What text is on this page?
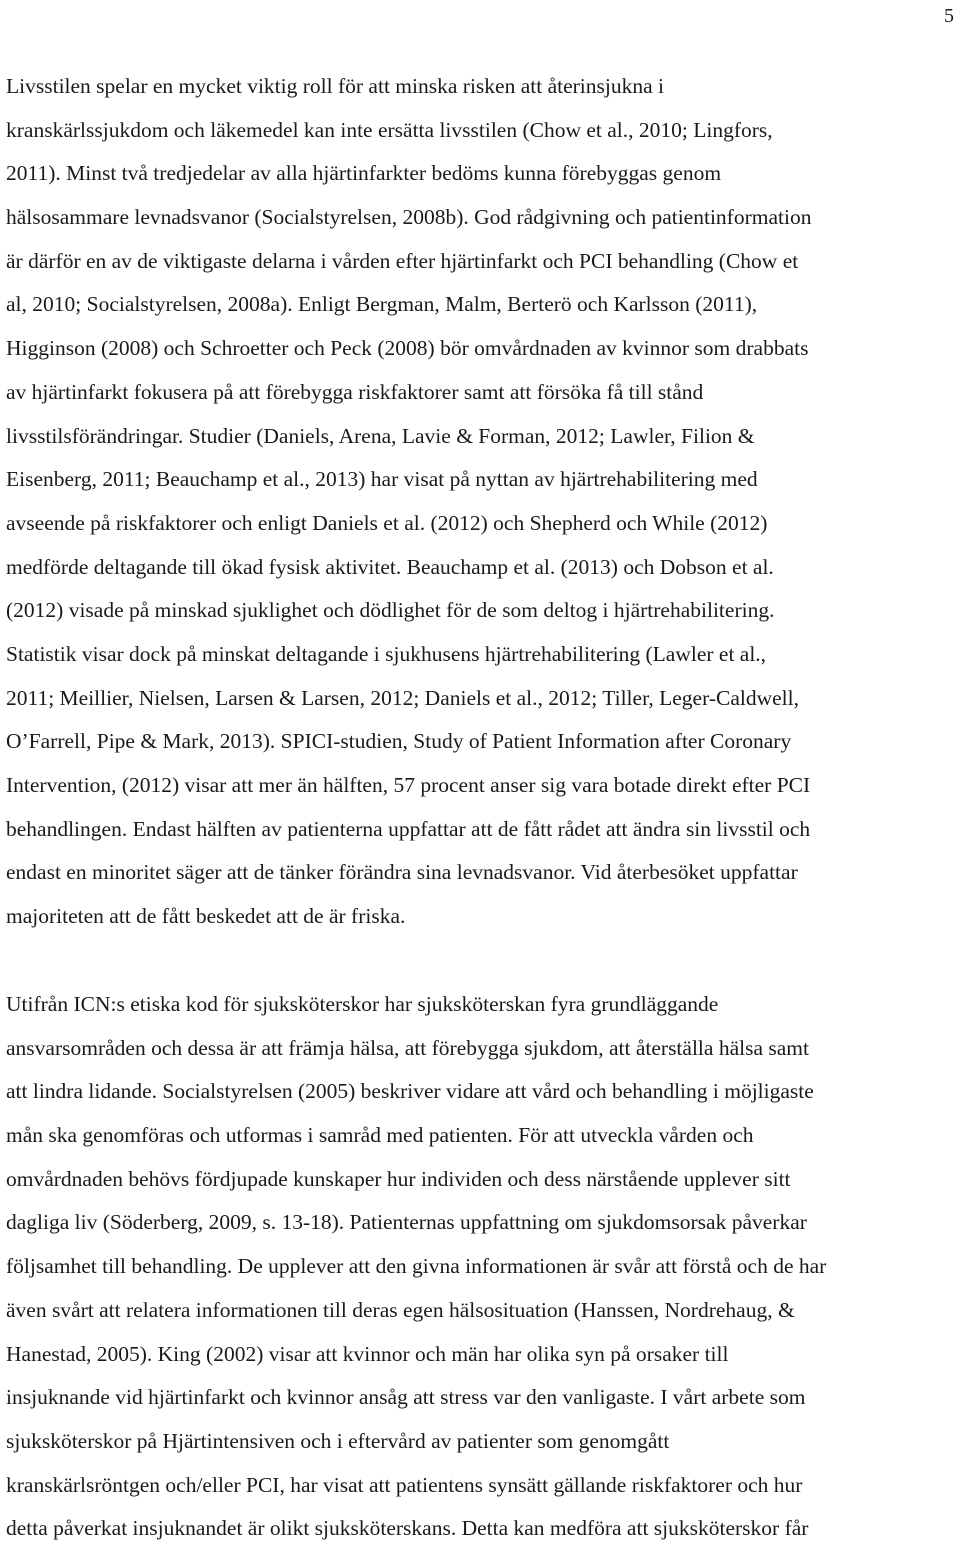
5
Livsstilen spelar en mycket viktig roll för att minska risken att återinsjukna i
kranskärlssjukdom och läkemedel kan inte ersätta livsstilen (Chow et al., 2010; Lingfors,
2011). Minst två tredjedelar av alla hjärtinfarkter bedöms kunna förebyggas genom
hälsosammare levnadsvanor (Socialstyrelsen, 2008b). God rådgivning och patientinformation
är därför en av de viktigaste delarna i vården efter hjärtinfarkt och PCI behandling (Chow et
al, 2010; Socialstyrelsen, 2008a). Enligt Bergman, Malm, Berterö och Karlsson (2011),
Higginson (2008) och Schroetter och Peck (2008) bör omvårdnaden av kvinnor som drabbats
av hjärtinfarkt fokusera på att förebygga riskfaktorer samt att försöka få till stånd
livsstilsförändringar. Studier (Daniels, Arena, Lavie & Forman, 2012; Lawler, Filion &
Eisenberg, 2011; Beauchamp et al., 2013) har visat på nyttan av hjärtrehabilitering med
avseende på riskfaktorer och enligt Daniels et al. (2012) och Shepherd och While (2012)
medförde deltagande till ökad fysisk aktivitet. Beauchamp et al. (2013) och Dobson et al.
(2012) visade på minskad sjuklighet och dödlighet för de som deltog i hjärtrehabilitering.
Statistik visar dock på minskat deltagande i sjukhusens hjärtrehabilitering (Lawler et al.,
2011; Meillier, Nielsen, Larsen & Larsen, 2012; Daniels et al., 2012; Tiller, Leger-Caldwell,
O’Farrell, Pipe & Mark, 2013). SPICI-studien, Study of Patient Information after Coronary
Intervention, (2012) visar att mer än hälften, 57 procent anser sig vara botade direkt efter PCI
behandlingen. Endast hälften av patienterna uppfattar att de fått rådet att ändra sin livsstil och
endast en minoritet säger att de tänker förändra sina levnadsvanor. Vid återbesöket uppfattar
majoriteten att de fått beskedet att de är friska.
Utifrån ICN:s etiska kod för sjuksköterskor har sjuksköterskan fyra grundläggande
ansvarsområden och dessa är att främja hälsa, att förebygga sjukdom, att återställa hälsa samt
att lindra lidande. Socialstyrelsen (2005) beskriver vidare att vård och behandling i möjligaste
mån ska genomföras och utformas i samråd med patienten. För att utveckla vården och
omvårdnaden behövs fördjupade kunskaper hur individen och dess närstående upplever sitt
dagliga liv (Söderberg, 2009, s. 13-18). Patienternas uppfattning om sjukdomsorsak påverkar
följsamhet till behandling. De upplever att den givna informationen är svår att förstå och de har
även svårt att relatera informationen till deras egen hälsosituation (Hanssen, Nordrehaug, &
Hanestad, 2005). King (2002) visar att kvinnor och män har olika syn på orsaker till
insjuknande vid hjärtinfarkt och kvinnor ansåg att stress var den vanligaste. I vårt arbete som
sjuksköterskor på Hjärtintensiven och i eftervård av patienter som genomgått
kranskärlsröntgen och/eller PCI, har visat att patientens synsätt gällande riskfaktorer och hur
detta påverkat insjuknandet är olikt sjuksköterskans. Detta kan medföra att sjuksköterskor får
